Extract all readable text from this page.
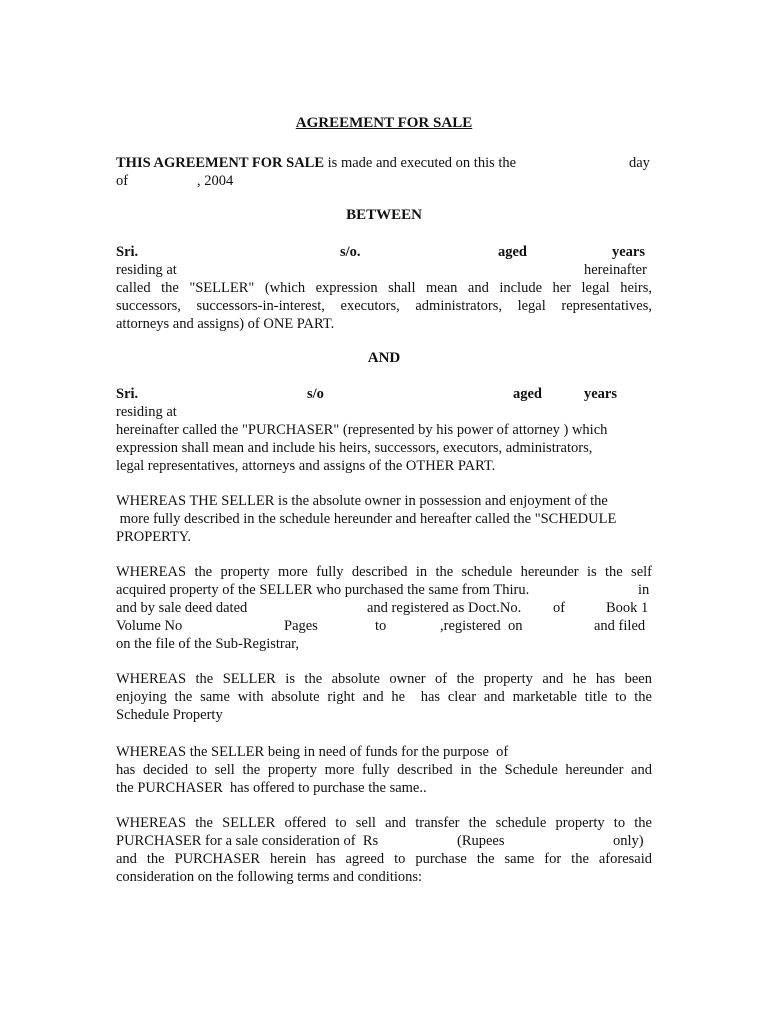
AGREEMENT FOR SALE
THIS AGREEMENT FOR SALE is made and executed on this the	day
of	, 2004
BETWEEN
Sri.	s/o.	aged	years
residing at	hereinafter
called the "SELLER" (which expression shall mean and include her legal heirs,
successors, successors-in-interest, executors, administrators, legal representatives,
attorneys and assigns) of ONE PART.
AND
Sri.	s/o	aged	years
residing at
hereinafter called the "PURCHASER" (represented by his power of attorney ) which
expression shall mean and include his heirs, successors, executors, administrators,
legal representatives, attorneys and assigns of the OTHER PART.
WHEREAS THE SELLER is the absolute owner in possession and enjoyment of the
more fully described in the schedule hereunder and hereafter called the "SCHEDULE
PROPERTY.
WHEREAS the property more fully described in the schedule hereunder is the self
acquired property of the SELLER who purchased the same from Thiru.	in
and by sale deed dated	and registered as Doct.No. of	Book 1
Volume No	Pages	to	,registered  on	and filed
on the file of the Sub-Registrar,
WHEREAS the SELLER is the absolute owner of the property and he has been
enjoying the same with absolute right and he  has clear and marketable title to the
Schedule Property
WHEREAS the SELLER being in need of funds for the purpose  of
has decided to sell the property more fully described in the Schedule hereunder and
the PURCHASER  has offered to purchase the same..
WHEREAS the SELLER offered to sell and transfer the schedule property to the
PURCHASER for a sale consideration of  Rs	(Rupees	only)
and the PURCHASER herein has agreed to purchase the same for the aforesaid
consideration on the following terms and conditions:
